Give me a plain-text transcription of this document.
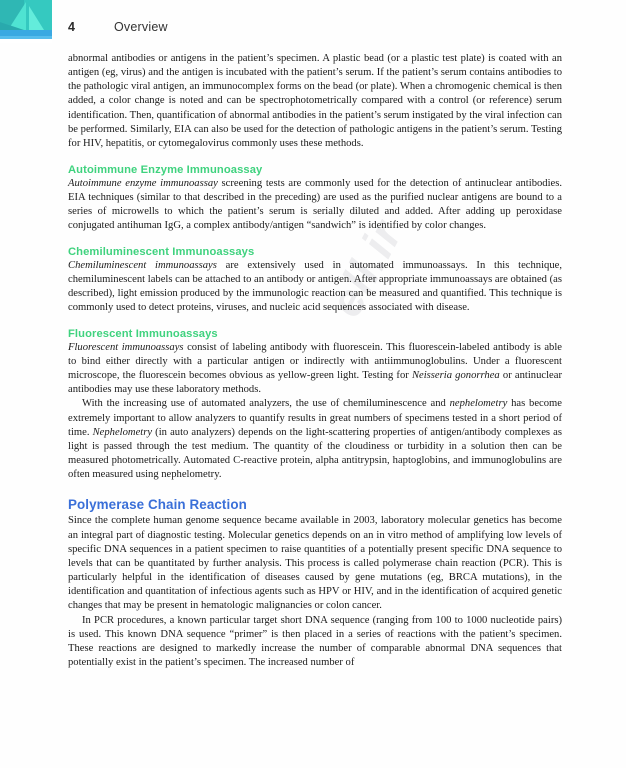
4	Overview
ell.ir

abnormal antibodies or antigens in the patient’s specimen. A plastic bead (or a plastic test plate) is coated with an antigen (eg, virus) and the antigen is incubated with the patient’s serum. If the patient’s serum contains antibodies to the pathologic viral antigen, an immunocomplex forms on the bead (or plate). When a chromogenic chemical is then added, a color change is noted and can be spectrophotometrically compared with a control (or reference) serum identification. Then, quantification of abnormal antibodies in the patient’s serum instigated by the viral infection can be performed. Similarly, EIA can also be used for the detection of pathologic antigens in the patient’s serum. Testing for HIV, hepatitis, or cytomegalovirus commonly uses these methods.

Autoimmune Enzyme Immunoassay

Autoimmune enzyme immunoassay screening tests are commonly used for the detection of antinuclear antibodies. EIA techniques (similar to that described in the preceding) are used as the purified nuclear antigens are bound to a series of microwells to which the patient’s serum is serially diluted and added. After adding up peroxidase conjugated antihuman IgG, a complex antibody/antigen “sandwich” is identified by color changes.

Chemiluminescent Immunoassays

Chemiluminescent immunoassays are extensively used in automated immunoassays. In this technique, chemiluminescent labels can be attached to an antibody or antigen. After appropriate immunoassays are obtained (as described), light emission produced by the immunologic reaction can be measured and quantified. This technique is commonly used to detect proteins, viruses, and nucleic acid sequences associated with disease.

Fluorescent Immunoassays

Fluorescent immunoassays consist of labeling antibody with fluorescein. This fluorescein-labeled antibody is able to bind either directly with a particular antigen or indirectly with antiimmunoglobulins. Under a fluorescent microscope, the fluorescein becomes obvious as yellow-green light. Testing for Neisseria gonorrhea or antinuclear antibodies may use these laboratory methods.

With the increasing use of automated analyzers, the use of chemiluminescence and nephelometry has become extremely important to allow analyzers to quantify results in great numbers of specimens tested in a short period of time. Nephelometry (in auto analyzers) depends on the light-scattering properties of antigen/antibody complexes as light is passed through the test medium. The quantity of the cloudiness or turbidity in a solution then can be measured photometrically. Automated C-reactive protein, alpha antitrypsin, haptoglobins, and immunoglobulins are often measured using nephelometry.

Polymerase Chain Reaction

Since the complete human genome sequence became available in 2003, laboratory molecular genetics has become an integral part of diagnostic testing. Molecular genetics depends on an in vitro method of amplifying low levels of specific DNA sequences in a patient specimen to raise quantities of a potentially present specific DNA sequence to levels that can be quantitated by further analysis. This process is called polymerase chain reaction (PCR). This is particularly helpful in the identification of diseases caused by gene mutations (eg, BRCA mutations), in the identification and quantitation of infectious agents such as HPV or HIV, and in the identification of acquired genetic changes that may be present in hematologic malignancies or colon cancer.

In PCR procedures, a known particular target short DNA sequence (ranging from 100 to 1000 nucleotide pairs) is used. This known DNA sequence “primer” is then placed in a series of reactions with the patient’s specimen. These reactions are designed to markedly increase the number of comparable abnormal DNA sequences that potentially exist in the patient’s specimen. The increased number of
